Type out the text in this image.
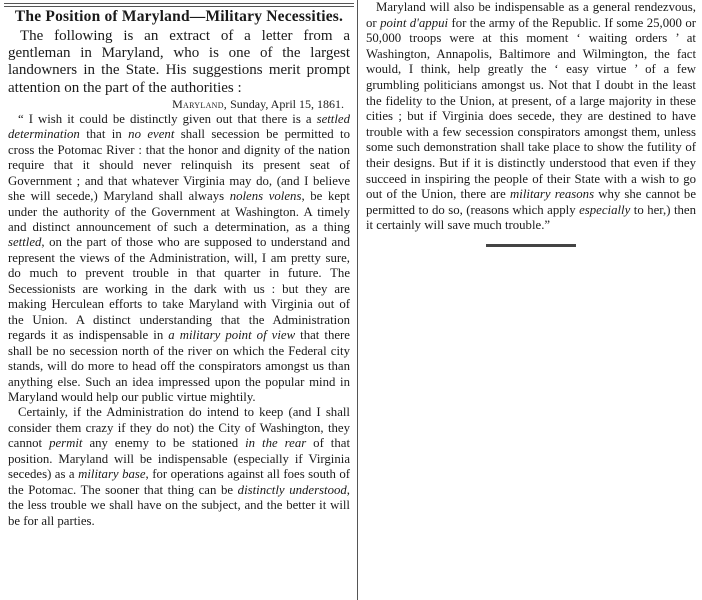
The Position of Maryland—Military Necessities.

The following is an extract of a letter from a gentleman in Maryland, who is one of the largest landowners in the State. His suggestions merit prompt attention on the part of the authorities :

Maryland, Sunday, April 15, 1861.

“ I wish it could be distinctly given out that there is a settled determination that in no event shall secession be permitted to cross the Potomac River : that the honor and dignity of the nation require that it should never relinquish its present seat of Government ; and that whatever Virginia may do, (and I believe she will secede,) Maryland shall always nolens volens, be kept under the authority of the Government at Washington. A timely and distinct announcement of such a determination, as a thing settled, on the part of those who are supposed to understand and represent the views of the Administration, will, I am pretty sure, do much to prevent trouble in that quarter in future. The Secessionists are working in the dark with us : but they are making Herculean efforts to take Maryland with Virginia out of the Union. A distinct understanding that the Administration regards it as indispensable in a military point of view that there shall be no secession north of the river on which the Federal city stands, will do more to head off the conspirators amongst us than anything else. Such an idea impressed upon the popular mind in Maryland would help our public virtue mightily.

Certainly, if the Administration do intend to keep (and I shall consider them crazy if they do not) the City of Washington, they cannot permit any enemy to be stationed in the rear of that position. Maryland will be indispensable (especially if Virginia secedes) as a military base, for operations against all foes south of the Potomac. The sooner that thing can be distinctly understood, the less trouble we shall have on the subject, and the better it will be for all parties.

Maryland will also be indispensable as a general rendezvous, or point d'appui for the army of the Republic. If some 25,000 or 50,000 troops were at this moment ‘ waiting orders ’ at Washington, Annapolis, Baltimore and Wilmington, the fact would, I think, help greatly the ‘ easy virtue ’ of a few grumbling politicians amongst us. Not that I doubt in the least the fidelity to the Union, at present, of a large majority in these cities ; but if Virginia does secede, they are destined to have trouble with a few secession conspirators amongst them, unless some such demonstration shall take place to show the futility of their designs. But if it is distinctly understood that even if they succeed in inspiring the people of their State with a wish to go out of the Union, there are military reasons why she cannot be permitted to do so, (reasons which apply especially to her,) then it certainly will save much trouble.”
